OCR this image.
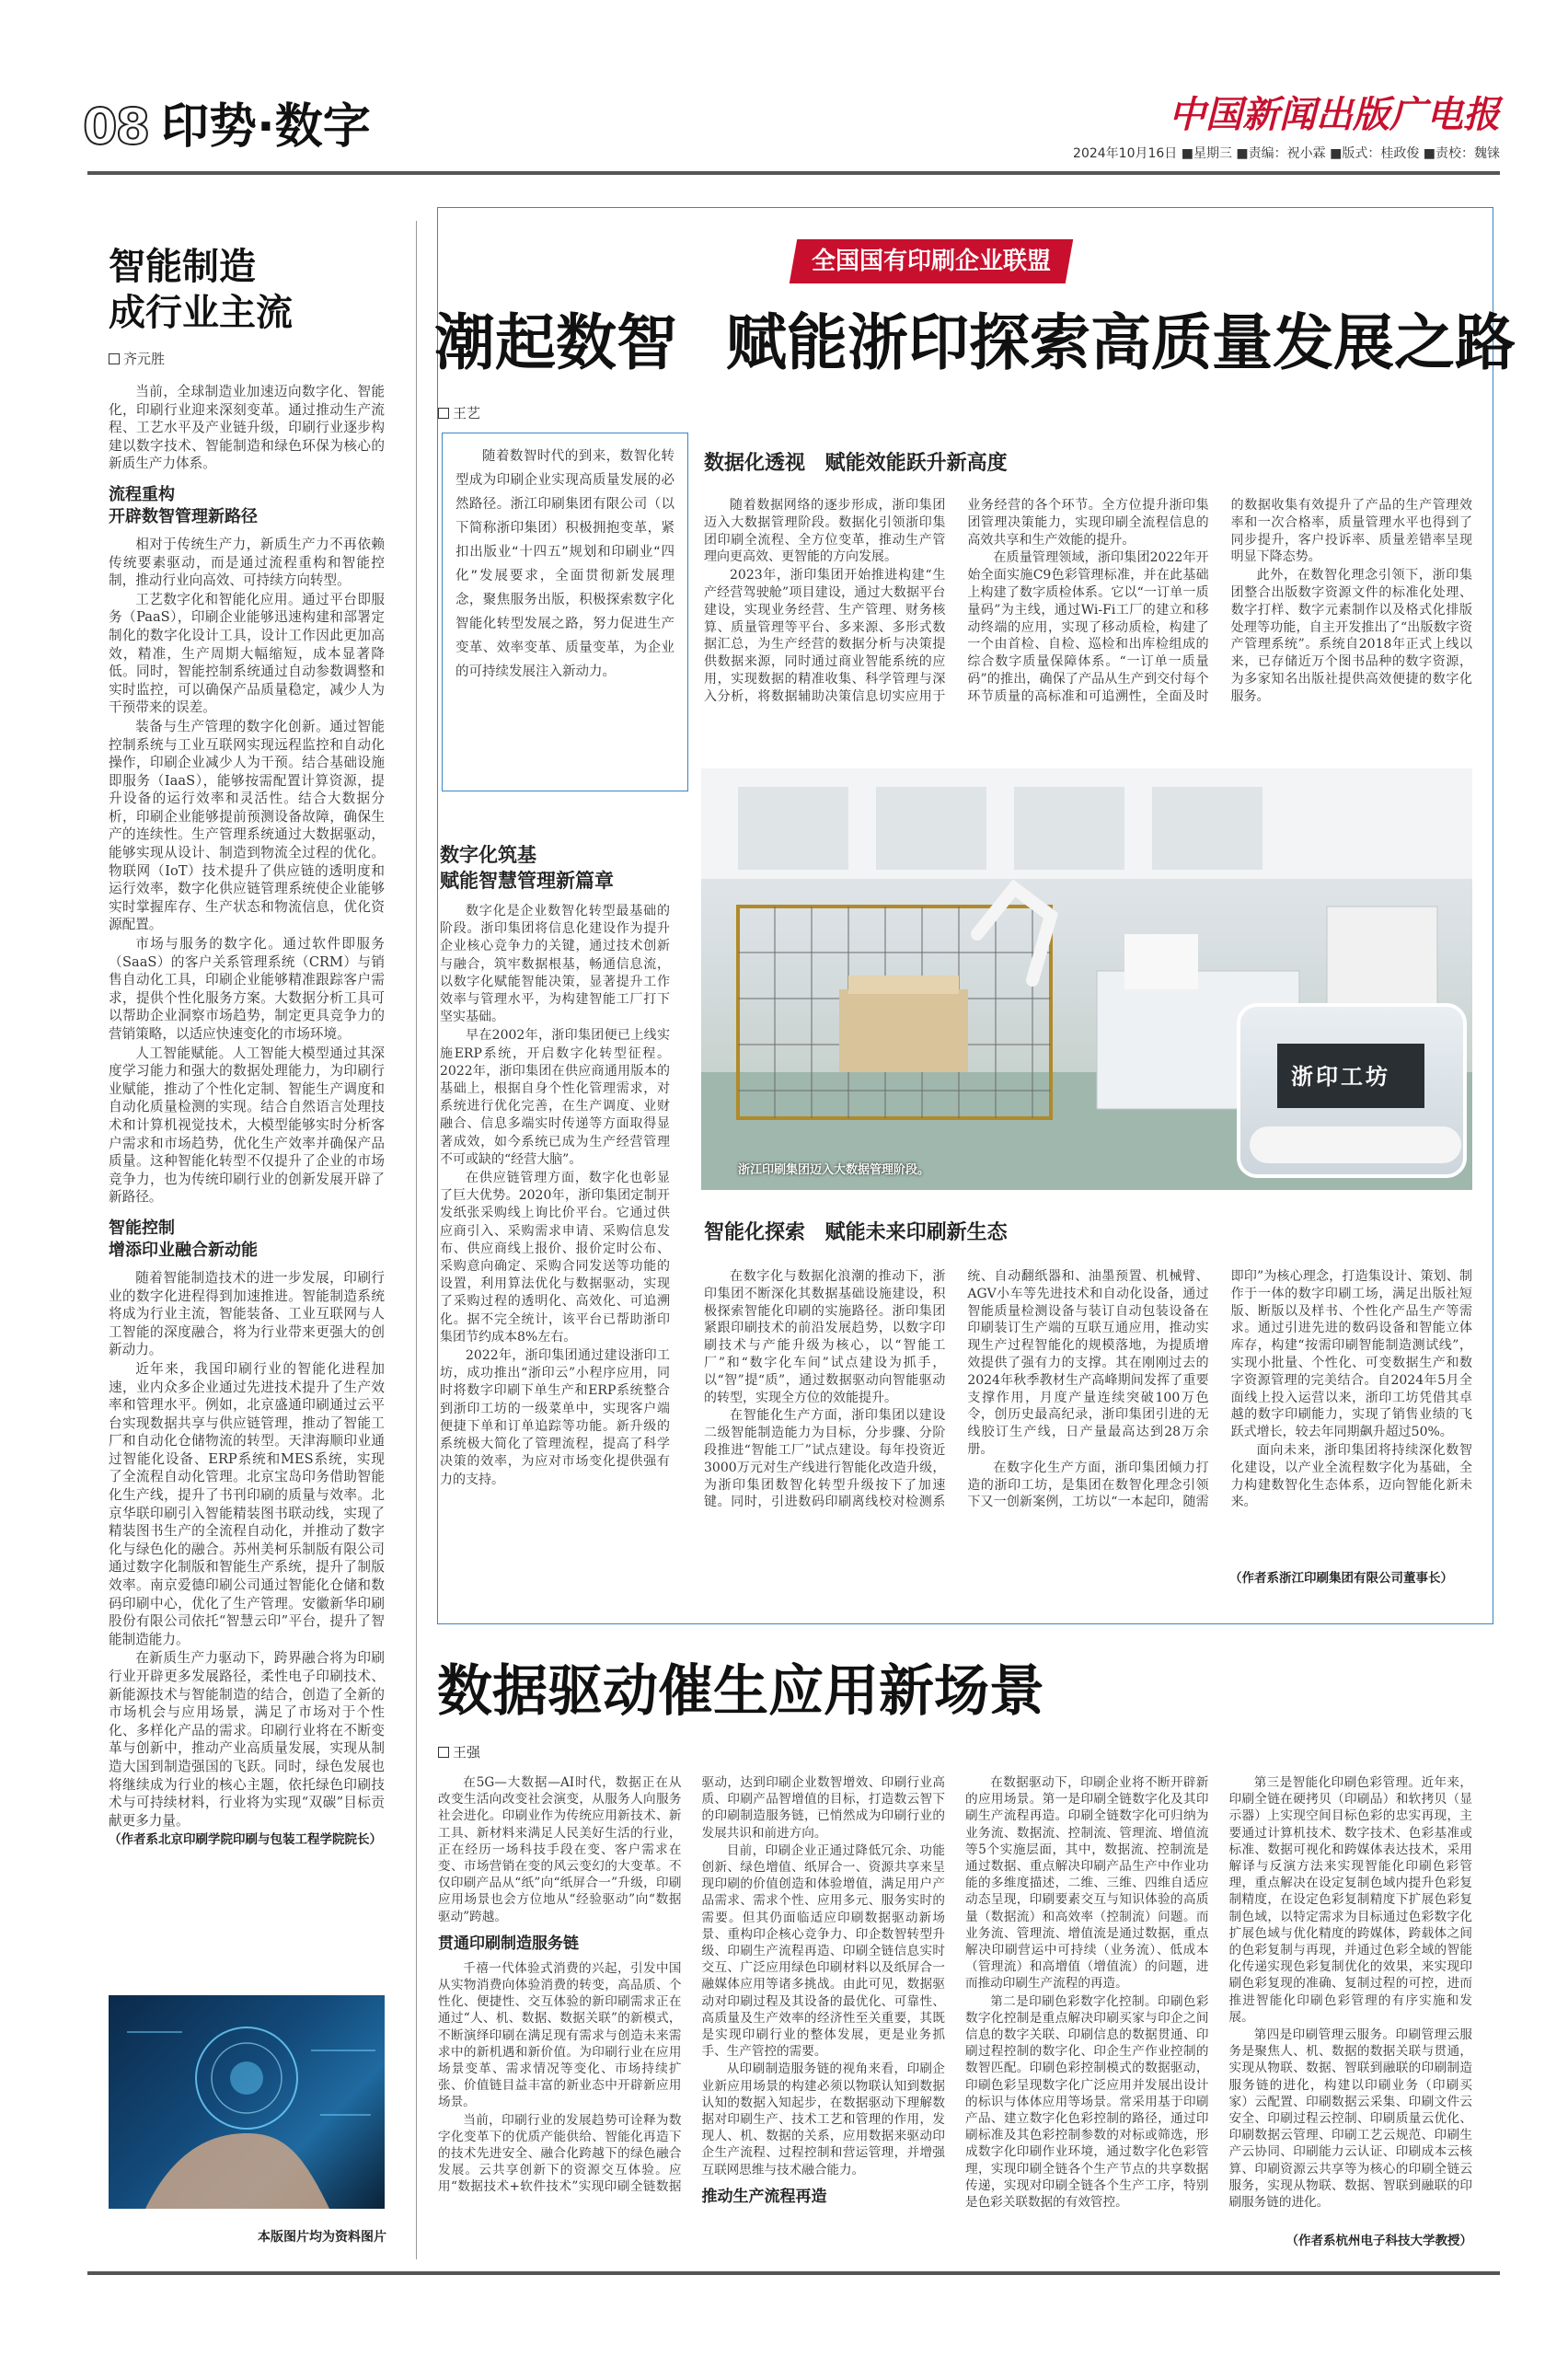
08 印势·数字	中国新闻出版广电报
2024年10月16日 ■星期三 ■责编：祝小霖 ■版式：桂政俊 ■责校：魏铼
智能制造
成行业主流
齐元胜

当前，全球制造业加速迈向数字化、智能化，印刷行业迎来深刻变革。通过推动生产流程、工艺水平及产业链升级，印刷行业逐步构建以数字技术、智能制造和绿色环保为核心的新质生产力体系。

流程重构
开辟数智管理新路径

相对于传统生产力，新质生产力不再依赖传统要素驱动，而是通过流程重构和智能控制，推动行业向高效、可持续方向转型。

工艺数字化和智能化应用。通过平台即服务（PaaS），印刷企业能够迅速构建和部署定制化的数字化设计工具，设计工作因此更加高效，精准，生产周期大幅缩短，成本显著降低。同时，智能控制系统通过自动参数调整和实时监控，可以确保产品质量稳定，减少人为干预带来的误差。

装备与生产管理的数字化创新。通过智能控制系统与工业互联网实现远程监控和自动化操作，印刷企业减少人为干预。结合基础设施即服务（IaaS），能够按需配置计算资源，提升设备的运行效率和灵活性。结合大数据分析，印刷企业能够提前预测设备故障，确保生产的连续性。生产管理系统通过大数据驱动，能够实现从设计、制造到物流全过程的优化。物联网（IoT）技术提升了供应链的透明度和运行效率，数字化供应链管理系统使企业能够实时掌握库存、生产状态和物流信息，优化资源配置。

市场与服务的数字化。通过软件即服务（SaaS）的客户关系管理系统（CRM）与销售自动化工具，印刷企业能够精准跟踪客户需求，提供个性化服务方案。大数据分析工具可以帮助企业洞察市场趋势，制定更具竞争力的营销策略，以适应快速变化的市场环境。

人工智能赋能。人工智能大模型通过其深度学习能力和强大的数据处理能力，为印刷行业赋能，推动了个性化定制、智能生产调度和自动化质量检测的实现。结合自然语言处理技术和计算机视觉技术，大模型能够实时分析客户需求和市场趋势，优化生产效率并确保产品质量。这种智能化转型不仅提升了企业的市场竞争力，也为传统印刷行业的创新发展开辟了新路径。

智能控制
增添印业融合新动能

随着智能制造技术的进一步发展，印刷行业的数字化进程得到加速推进。智能制造系统将成为行业主流，智能装备、工业互联网与人工智能的深度融合，将为行业带来更强大的创新动力。

近年来，我国印刷行业的智能化进程加速，业内众多企业通过先进技术提升了生产效率和管理水平。例如，北京盛通印刷通过云平台实现数据共享与供应链管理，推动了智能工厂和自动化仓储物流的转型。天津海顺印业通过智能化设备、ERP系统和MES系统，实现了全流程自动化管理。北京宝岛印务借助智能化生产线，提升了书刊印刷的质量与效率。北京华联印刷引入智能精装图书联动线，实现了精装图书生产的全流程自动化，并推动了数字化与绿色化的融合。苏州美柯乐制版有限公司通过数字化制版和智能生产系统，提升了制版效率。南京爱德印刷公司通过智能化仓储和数码印刷中心，优化了生产管理。安徽新华印刷股份有限公司依托“智慧云印”平台，提升了智能制造能力。

在新质生产力驱动下，跨界融合将为印刷行业开辟更多发展路径，柔性电子印刷技术、新能源技术与智能制造的结合，创造了全新的市场机会与应用场景，满足了市场对于个性化、多样化产品的需求。印刷行业将在不断变革与创新中，推动产业高质量发展，实现从制造大国到制造强国的飞跃。同时，绿色发展也将继续成为行业的核心主题，依托绿色印刷技术与可持续材料，行业将为实现“双碳”目标贡献更多力量。

（作者系北京印刷学院印刷与包装工程学院院长）
本版图片均为资料图片
全国国有印刷企业联盟
潮起数智 赋能浙印探索高质量发展之路
王艺

随着数智时代的到来，数智化转型成为印刷企业实现高质量发展的必然路径。浙江印刷集团有限公司（以下简称浙印集团）积极拥抱变革，紧扣出版业“十四五”规划和印刷业“四化”发展要求，全面贯彻新发展理念，聚焦服务出版，积极探索数字化智能化转型发展之路，努力促进生产变革、效率变革、质量变革，为企业的可持续发展注入新动力。

数字化筑基
赋能智慧管理新篇章

数字化是企业数智化转型最基础的阶段。浙印集团将信息化建设作为提升企业核心竞争力的关键，通过技术创新与融合，筑牢数据根基，畅通信息流，以数字化赋能智能决策，显著提升工作效率与管理水平，为构建智能工厂打下坚实基础。

早在2002年，浙印集团便已上线实施ERP系统，开启数字化转型征程。2022年，浙印集团在供应商通用版本的基础上，根据自身个性化管理需求，对系统进行优化完善，在生产调度、业财融合、信息多端实时传递等方面取得显著成效，如今系统已成为生产经营管理不可或缺的“经营大脑”。

在供应链管理方面，数字化也彰显了巨大优势。2020年，浙印集团定制开发纸张采购线上询比价平台。它通过供应商引入、采购需求申请、采购信息发布、供应商线上报价、报价定时公布、采购意向确定、采购合同发送等功能的设置，利用算法优化与数据驱动，实现了采购过程的透明化、高效化、可追溯化。据不完全统计，该平台已帮助浙印集团节约成本8%左右。

2022年，浙印集团通过建设浙印工坊，成功推出“浙印云”小程序应用，同时将数字印刷下单生产和ERP系统整合到浙印工坊的一级菜单中，实现客户端便捷下单和订单追踪等功能。新升级的系统极大简化了管理流程，提高了科学决策的效率，为应对市场变化提供强有力的支持。

数据化透视 赋能效能跃升新高度

随着数据网络的逐步形成，浙印集团迈入大数据管理阶段。数据化引领浙印集团印刷全流程、全方位变革，推动生产管理向更高效、更智能的方向发展。

2023年，浙印集团开始推进构建“生产经营驾驶舱”项目建设，通过大数据平台建设，实现业务经营、生产管理、财务核算、质量管理等平台、多来源、多形式数据汇总，为生产经营的数据分析与决策提供数据来源，同时通过商业智能系统的应用，实现数据的精准收集、科学管理与深入分析，将数据辅助决策信息切实应用于业务经营的各个环节。全方位提升浙印集团管理决策能力，实现印刷全流程信息的高效共享和生产效能的提升。

在质量管理领域，浙印集团2022年开始全面实施C9色彩管理标准，并在此基础上构建了数字质检体系。它以“一订单一质量码”为主线，通过Wi-Fi工厂的建立和移动终端的应用，实现了移动质检，构建了一个由首检、自检、巡检和出库检组成的综合数字质量保障体系。“一订单一质量码”的推出，确保了产品从生产到交付每个环节质量的高标准和可追溯性，全面及时的数据收集有效提升了产品的生产管理效率和一次合格率，质量管理水平也得到了同步提升，客户投诉率、质量差错率呈现明显下降态势。

此外，在数智化理念引领下，浙印集团整合出版数字资源文件的标准化处理、数字打样、数字元素制作以及格式化排版处理等功能，自主开发推出了“出版数字资产管理系统”。系统自2018年正式上线以来，已存储近万个图书品种的数字资源，为多家知名出版社提供高效便捷的数字化服务。

浙江印刷集团迈入大数据管理阶段。
浙印工坊
智能化探索 赋能未来印刷新生态

在数字化与数据化浪潮的推动下，浙印集团不断深化其数据基础设施建设，积极探索智能化印刷的实施路径。浙印集团紧跟印刷技术的前沿发展趋势，以数字印刷技术与产能升级为核心，以“智能工厂”和“数字化车间”试点建设为抓手，以“智”提“质”，通过数据驱动向智能驱动的转型，实现全方位的效能提升。

在智能化生产方面，浙印集团以建设二级智能制造能力为目标，分步骤、分阶段推进“智能工厂”试点建设。每年投资近3000万元对生产线进行智能化改造升级，为浙印集团数智化转型升级按下了加速键。同时，引进数码印刷离线校对检测系统、自动翻纸器和、油墨预置、机械臂、AGV小车等先进技术和自动化设备，通过智能质量检测设备与装订自动包装设备在印刷装订生产端的互联互通应用，推动实现生产过程智能化的规模落地，为提质增效提供了强有力的支撑。其在刚刚过去的2024年秋季教材生产高峰期间发挥了重要支撑作用，月度产量连续突破100万色令，创历史最高纪录，浙印集团引进的无线胶订生产线，日产量最高达到28万余册。

在数字化生产方面，浙印集团倾力打造的浙印工坊，是集团在数智化理念引领下又一创新案例，工坊以“一本起印，随需即印”为核心理念，打造集设计、策划、制作于一体的数字印刷工场，满足出版社短版、断版以及样书、个性化产品生产等需求。通过引进先进的数码设备和智能立体库存，构建“按需印刷智能制造测试线”，实现小批量、个性化、可变数据生产和数字资源管理的完美结合。自2024年5月全面线上投入运营以来，浙印工坊凭借其卓越的数字印刷能力，实现了销售业绩的飞跃式增长，较去年同期飙升超过50%。

面向未来，浙印集团将持续深化数智化建设，以产业全流程数字化为基础，全力构建数智化生态体系，迈向智能化新未来。

（作者系浙江印刷集团有限公司董事长）
数据驱动催生应用新场景
王强

在5G—大数据—AI时代，数据正在从改变生活向改变社会演变，从服务人向服务社会进化。印刷业作为传统应用新技术、新工具、新材料来满足人民美好生活的行业，正在经历一场科技手段在变、客户需求在变、市场营销在变的风云变幻的大变革。不仅印刷产品从“纸”向“纸屏合一”升级，印刷应用场景也会方位地从“经验驱动”向“数据驱动”跨越。

贯通印刷制造服务链

千禧一代体验式消费的兴起，引发中国从实物消费向体验消费的转变，高品质、个性化、便捷性、交互体验的新印刷需求正在通过“人、机、数据、数据关联”的新模式，不断演绎印刷在满足现有需求与创造未来需求中的新机遇和新价值。为印刷行业在应用场景变革、需求情况等变化、市场持续扩张、价值链目益丰富的新业态中开辟新应用场景。

当前，印刷行业的发展趋势可诠释为数字化变革下的优质产能供给、智能化再造下的技术先进安全、融合化跨越下的绿色融合发展。云共享创新下的资源交互体验。应用“数据技术+软件技术”实现印刷全链数据驱动，达到印刷企业数智增效、印刷行业高质、印刷产品智增值的目标，打造数云智下的印刷制造服务链，已悄然成为印刷行业的发展共识和前进方向。

目前，印刷企业正通过降低冗余、功能创新、绿色增值、纸屏合一、资源共享来呈现印刷的价值创造和体验增值，满足用户产品需求、需求个性、应用多元、服务实时的需要。但其仍面临适应印刷数据驱动新场景、重构印企核心竞争力、印企数智转型升级、印刷生产流程再造、印刷全链信息实时交互、广泛应用绿色印刷材料以及纸屏合一融媒体应用等诸多挑战。由此可见，数据驱动对印刷过程及其设备的最优化、可靠性、高质量及生产效率的经济性至关重要，其既是实现印刷行业的整体发展，更是业务抓手、生产管控的需要。

从印刷制造服务链的视角来看，印刷企业新应用场景的构建必须以物联认知到数据认知的数据入知起步，在数据驱动下理解数据对印刷生产、技术工艺和管理的作用，发现人、机、数据的关系，应用数据来驱动印企生产流程、过程控制和营运管理，并增强互联网思维与技术融合能力。

推动生产流程再造

在数据驱动下，印刷企业将不断开辟新的应用场景。第一是印刷全链数字化及其印刷生产流程再造。印刷全链数字化可归纳为业务流、数据流、控制流、管理流、增值流等5个实施层面，其中，数据流、控制流是通过数据、重点解决印刷产品生产中作业功能的多维度描述，二维、三维、四维自适应动态呈现，印刷要素交互与知识体验的高质量（数据流）和高效率（控制流）问题。而业务流、管理流、增值流是通过数据，重点解决印刷营运中可持续（业务流）、低成本（管理流）和高增值（增值流）的问题，进而推动印刷生产流程的再造。

第二是印刷色彩数字化控制。印刷色彩数字化控制是重点解决印刷买家与印企之间信息的数字关联、印刷信息的数据贯通、印刷过程控制的数字化、印企生产作业控制的数智匹配。印刷色彩控制模式的数据驱动，印刷色彩呈现数字化广泛应用并发展出设计的标识与体体应用等场景。常采用基于印刷产品、建立数字化色彩控制的路径，通过印刷标准及其色彩控制参数的对标或筛选，形成数字化印刷作业环境，通过数字化色彩管理，实现印刷全链各个生产节点的共享数据传递，实现对印刷全链各个生产工序，特别是色彩关联数据的有效管控。

第三是智能化印刷色彩管理。近年来，印刷全链在硬拷贝（印刷品）和软拷贝（显示器）上实现空间目标色彩的忠实再现，主要通过计算机技术、数字技术、色彩基准或标准、数据可视化和跨媒体表达技术，采用解译与反演方法来实现智能化印刷色彩管理，重点解决在设定复制色域内提升色彩复制精度，在设定色彩复制精度下扩展色彩复制色域，以特定需求为目标通过色彩数字化扩展色域与优化精度的跨媒体，跨载体之间的色彩复制与再现，并通过色彩全域的智能化传递实现色彩复制优化的效果，来实现印刷色彩复现的准确、复制过程的可控，进而推进智能化印刷色彩管理的有序实施和发展。

第四是印刷管理云服务。印刷管理云服务是聚焦人、机、数据的数据关联与贯通，实现从物联、数据、智联到融联的印刷制造服务链的进化，构建以印刷业务（印刷买家）云配置、印刷数据云采集、印刷文件云安全、印刷过程云控制、印刷质量云优化、印刷数据云管理、印刷工艺云规范、印刷生产云协同、印刷能力云认证、印刷成本云核算、印刷资源云共享等为核心的印刷全链云服务，实现从物联、数据、智联到融联的印刷服务链的进化。

（作者系杭州电子科技大学教授）
